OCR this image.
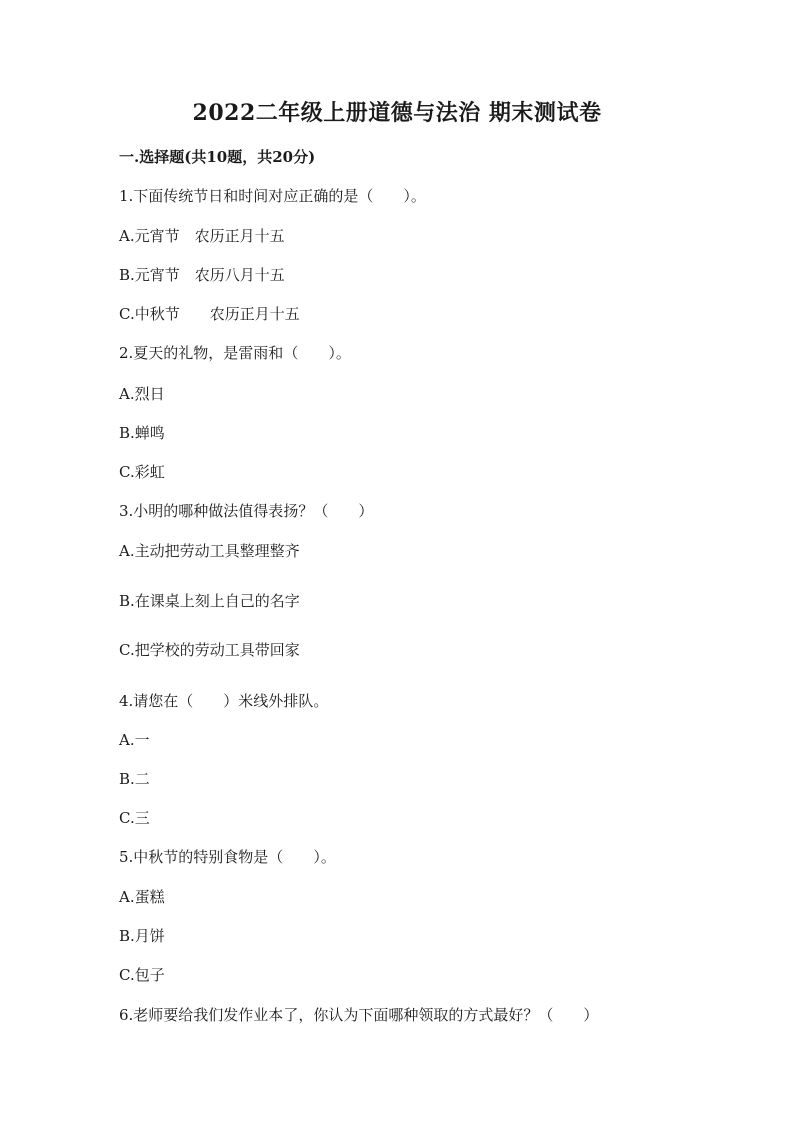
2022二年级上册道德与法治 期末测试卷
一.选择题(共10题，共20分)
1.下面传统节日和时间对应正确的是（　　）。
A.元宵节　农历正月十五
B.元宵节　农历八月十五
C.中秋节　　农历正月十五
2.夏天的礼物，是雷雨和（　　）。
A.烈日
B.蝉鸣
C.彩虹
3.小明的哪种做法值得表扬？（　　）
A.主动把劳动工具整理整齐
B.在课桌上刻上自己的名字
C.把学校的劳动工具带回家
4.请您在（　　）米线外排队。
A.一
B.二
C.三
5.中秋节的特别食物是（　　）。
A.蛋糕
B.月饼
C.包子
6.老师要给我们发作业本了，你认为下面哪种领取的方式最好？（　　）
